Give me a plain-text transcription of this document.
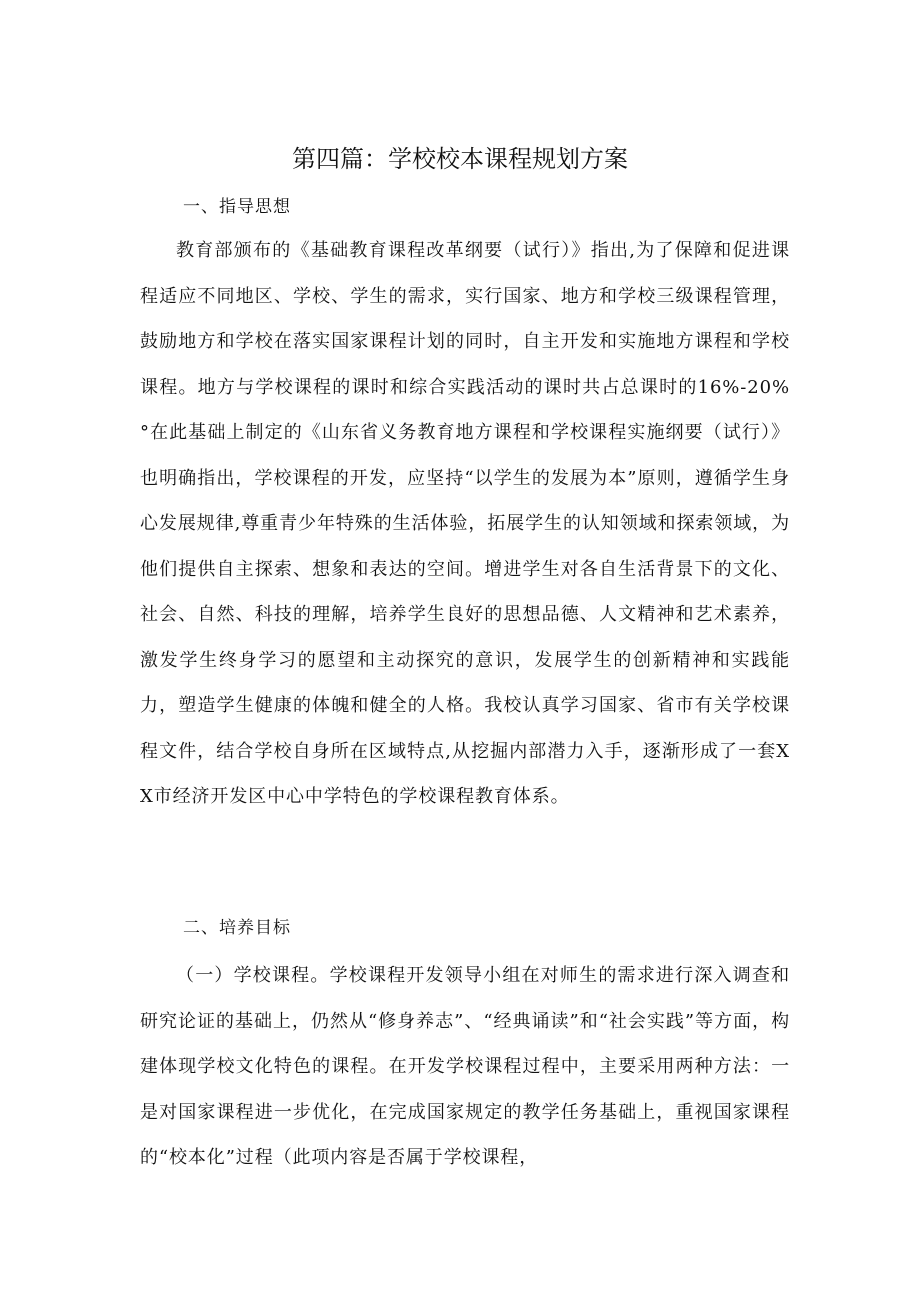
第四篇：学校校本课程规划方案

一、指导思想

教育部颁布的《基础教育课程改革纲要（试行）》指出,为了保障和促进课程适应不同地区、学校、学生的需求，实行国家、地方和学校三级课程管理，鼓励地方和学校在落实国家课程计划的同时，自主开发和实施地方课程和学校课程。地方与学校课程的课时和综合实践活动的课时共占总课时的16%-20%°在此基础上制定的《山东省义务教育地方课程和学校课程实施纲要（试行）》也明确指出，学校课程的开发，应坚持“以学生的发展为本”原则，遵循学生身心发展规律,尊重青少年特殊的生活体验，拓展学生的认知领域和探索领域，为他们提供自主探索、想象和表达的空间。增进学生对各自生活背景下的文化、社会、自然、科技的理解，培养学生良好的思想品德、人文精神和艺术素养，激发学生终身学习的愿望和主动探究的意识，发展学生的创新精神和实践能力，塑造学生健康的体魄和健全的人格。我校认真学习国家、省市有关学校课程文件，结合学校自身所在区域特点,从挖掘内部潜力入手，逐渐形成了一套XX市经济开发区中心中学特色的学校课程教育体系。

二、培养目标

（一）学校课程。学校课程开发领导小组在对师生的需求进行深入调查和研究论证的基础上，仍然从“修身养志”、“经典诵读”和“社会实践”等方面，构建体现学校文化特色的课程。在开发学校课程过程中，主要采用两种方法：一是对国家课程进一步优化，在完成国家规定的教学任务基础上，重视国家课程的“校本化”过程（此项内容是否属于学校课程，
